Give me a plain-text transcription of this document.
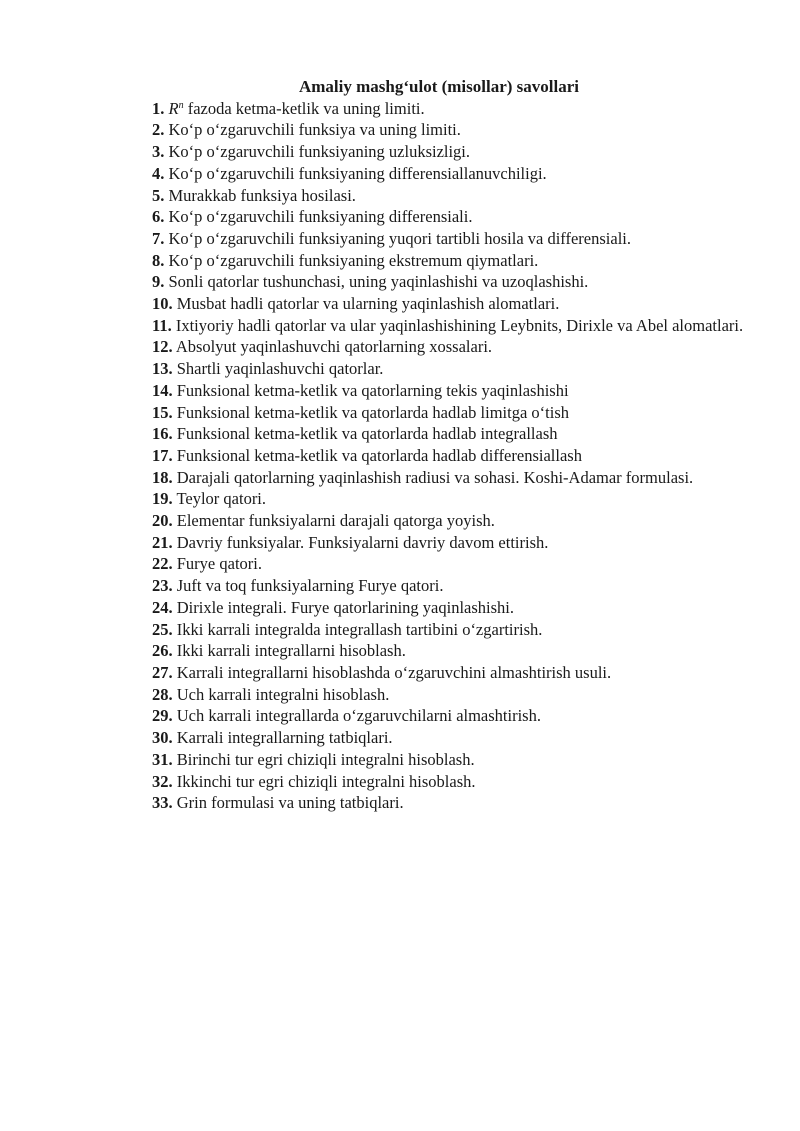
Amaliy mashg‘ulot (misollar) savollari

1. $R^n$ fazoda ketma-ketlik va uning limiti.

2. Ko‘p o‘zgaruvchili funksiya va uning limiti.

3. Ko‘p o‘zgaruvchili funksiyaning uzluksizligi.

4. Ko‘p o‘zgaruvchili funksiyaning differensiallanuvchiligi.

5. Murakkab funksiya hosilasi.

6. Ko‘p o‘zgaruvchili funksiyaning differensiali.

7. Ko‘p o‘zgaruvchili funksiyaning yuqori tartibli hosila va differensiali.

8. Ko‘p o‘zgaruvchili funksiyaning ekstremum qiymatlari.

9. Sonli qatorlar tushunchasi, uning yaqinlashishi va uzoqlashishi.

10. Musbat hadli qatorlar va ularning yaqinlashish alomatlari.

11. Ixtiyoriy hadli qatorlar va ular yaqinlashishining Leybnits, Dirixle va Abel alomatlari.

12. Absolyut yaqinlashuvchi qatorlarning xossalari.

13. Shartli yaqinlashuvchi qatorlar.

14. Funksional ketma-ketlik va qatorlarning tekis yaqinlashishi

15. Funksional ketma-ketlik va qatorlarda hadlab limitga o‘tish

16. Funksional ketma-ketlik va qatorlarda hadlab integrallash

17. Funksional ketma-ketlik va qatorlarda hadlab differensiallash

18. Darajali qatorlarning yaqinlashish radiusi va sohasi. Koshi-Adamar formulasi.

19. Teylor qatori.

20. Elementar funksiyalarni darajali qatorga yoyish.

21. Davriy funksiyalar. Funksiyalarni davriy davom ettirish.

22. Furye qatori.

23. Juft va toq funksiyalarning Furye qatori.

24. Dirixle integrali. Furye qatorlarining yaqinlashishi.

25. Ikki karrali integralda integrallash tartibini o‘zgartirish.

26. Ikki karrali integrallarni hisoblash.

27. Karrali integrallarni hisoblashda o‘zgaruvchini almashtirish usuli.

28. Uch karrali integralni hisoblash.

29. Uch karrali integrallarda o‘zgaruvchilarni almashtirish.

30. Karrali integrallarning tatbiqlari.

31. Birinchi tur egri chiziqli integralni hisoblash.

32. Ikkinchi tur egri chiziqli integralni hisoblash.

33. Grin formulasi va uning tatbiqlari.
